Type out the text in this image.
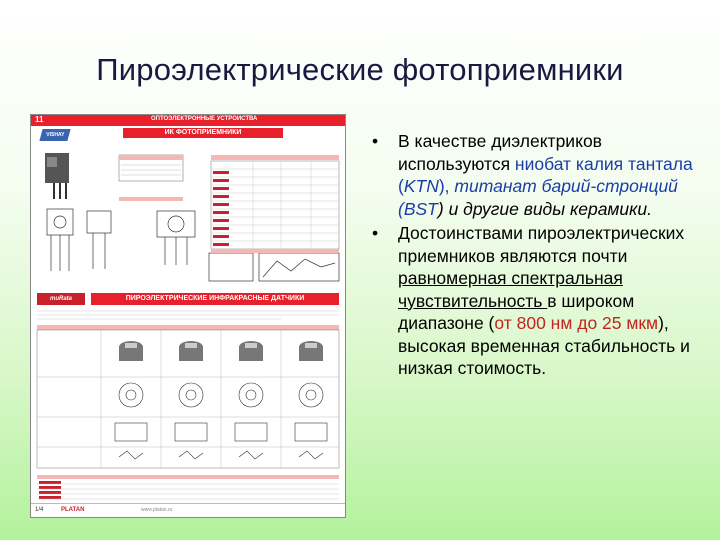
Пироэлектрические фотоприемники
11	ОПТОЭЛЕКТРОННЫЕ УСТРОЙСТВА
VISHAY	ИК ФОТОПРИЕМНИКИ
muRata	ПИРОЭЛЕКТРИЧЕСКИЕ ИНФРАКРАСНЫЕ ДАТЧИКИ
1/4	PLATAN	www.platan.ru
• В качестве диэлектриков используются ниобат калия тантала (KTN), титанат барий-стронций (BST) и другие виды керамики.
• Достоинствами пироэлектрических приемников являются почти равномерная спектральная чувствительность в широком диапазоне (от 800 нм до 25 мкм), высокая временная стабильность и низкая стоимость.
